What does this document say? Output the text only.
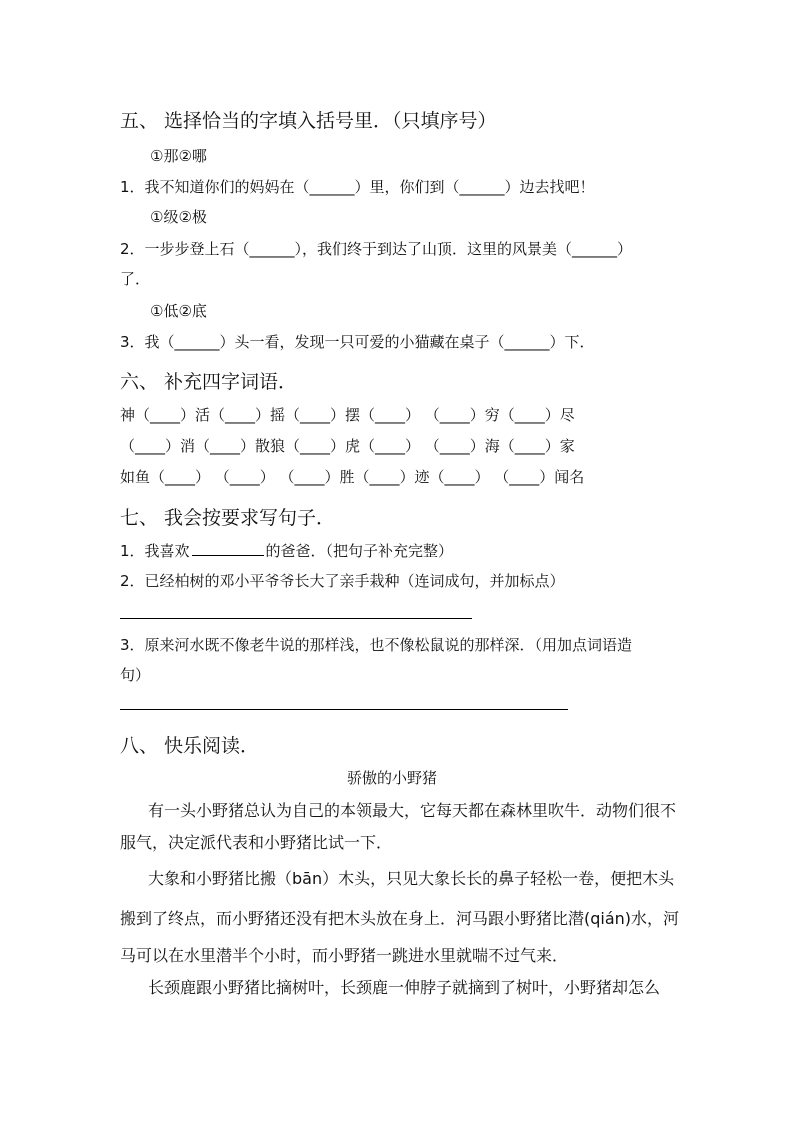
五、 选择恰当的字填入括号里．（只填序号）
①那②哪
1．我不知道你们的妈妈在（______）里，你们到（______）边去找吧！
①级②极
2．一步步登上石（______），我们终于到达了山顶．这里的风景美（______）
了．
①低②底
3．我（______）头一看，发现一只可爱的小猫藏在桌子（______）下．
六、 补充四字词语．
神（____）活（____）摇（____）摆（____） （____）穷（____）尽
（____）消（____）散狼（____）虎（____） （____）海（____）家
如鱼（____） （____） （____）胜（____）迹（____） （____）闻名
七、 我会按要求写句子．
1．我喜欢	的爸爸．（把句子补充完整）
2．已经柏树的邓小平爷爷长大了亲手栽种（连词成句，并加标点）
3．原来河水既不像老牛说的那样浅，也不像松鼠说的那样深．（用加点词语造
句）
八、 快乐阅读．
骄傲的小野猪
有一头小野猪总认为自己的本领最大，它每天都在森林里吹牛．动物们很不
服气，决定派代表和小野猪比试一下．
大象和小野猪比搬（bān）木头，只见大象长长的鼻子轻松一卷，便把木头
搬到了终点，而小野猪还没有把木头放在身上．河马跟小野猪比潜(qián)水，河
马可以在水里潜半个小时，而小野猪一跳进水里就喘不过气来．
长颈鹿跟小野猪比摘树叶，长颈鹿一伸脖子就摘到了树叶，小野猪却怎么
